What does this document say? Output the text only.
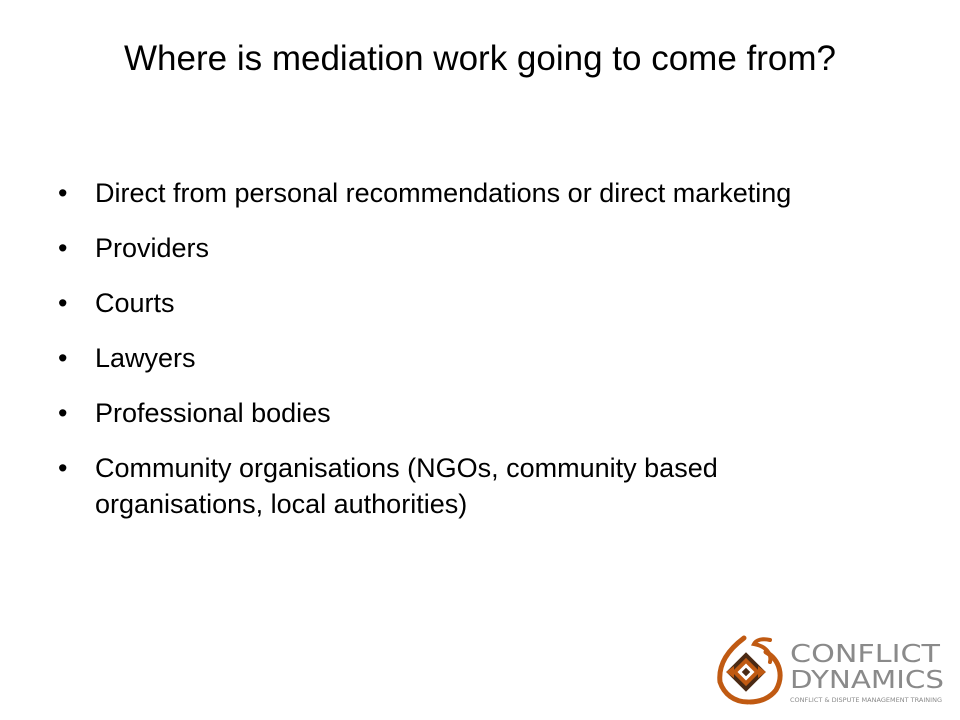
Where is mediation work going to come from?
• Direct from personal recommendations or direct marketing
• Providers
• Courts
• Lawyers
• Professional bodies
• Community organisations (NGOs, community based organisations, local authorities)
CONFLICT
DYNAMICS
CONFLICT & DISPUTE MANAGEMENT TRAINING
